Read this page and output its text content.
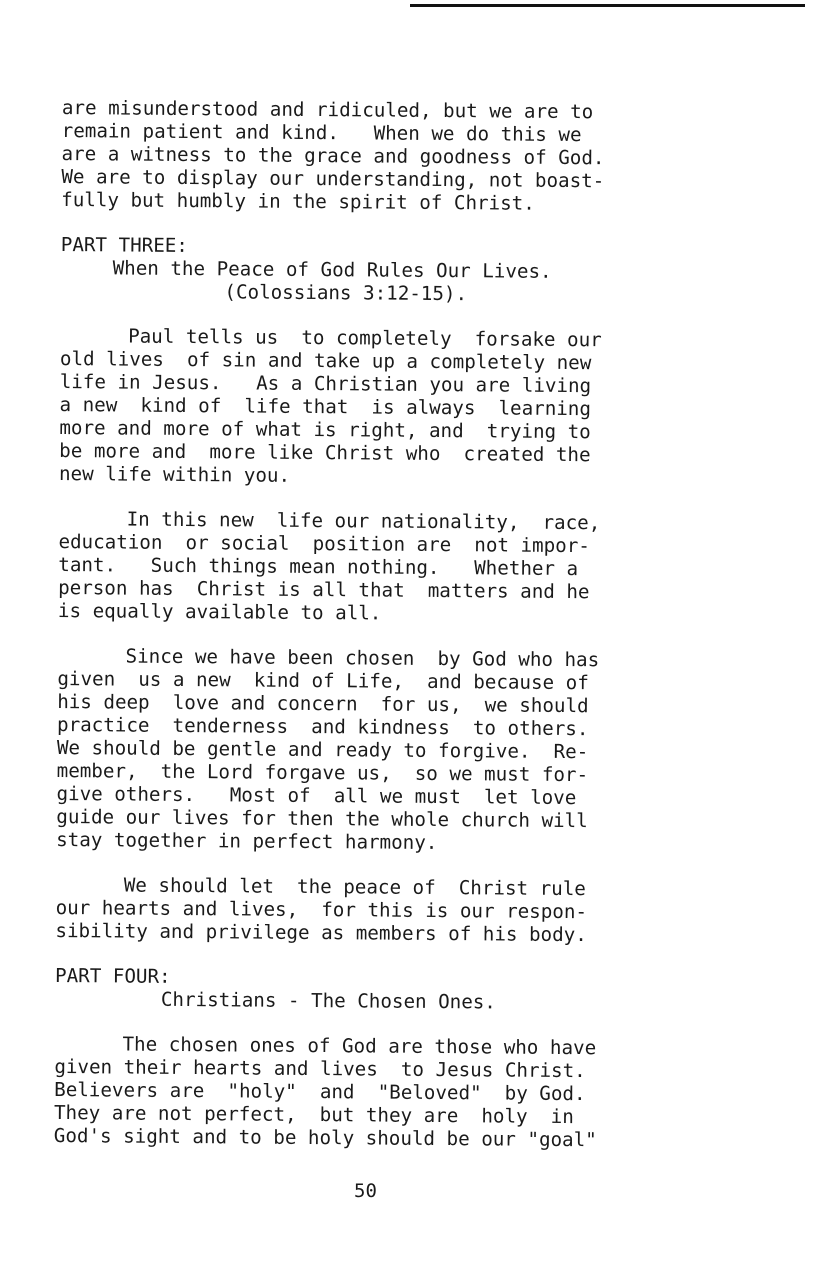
are misunderstood and ridiculed, but we are to
remain patient and kind.   When we do this we
are a witness to the grace and goodness of God.
We are to display our understanding, not boast-
fully but humbly in the spirit of Christ.
PART THREE:
When the Peace of God Rules Our Lives.
(Colossians 3:12-15).
Paul tells us  to completely  forsake our
old lives  of sin and take up a completely new
life in Jesus.   As a Christian you are living
a new  kind of  life that  is always  learning
more and more of what is right, and  trying to
be more and  more like Christ who  created the
new life within you.
In this new  life our nationality,  race,
education  or social  position are  not impor-
tant.   Such things mean nothing.   Whether a
person has  Christ is all that  matters and he
is equally available to all.
Since we have been chosen  by God who has
given  us a new  kind of Life,  and because of
his deep  love and concern  for us,  we should
practice  tenderness  and kindness  to others.
We should be gentle and ready to forgive.  Re-
member,  the Lord forgave us,  so we must for-
give others.   Most of  all we must  let love
guide our lives for then the whole church will
stay together in perfect harmony.
We should let  the peace of  Christ rule
our hearts and lives,  for this is our respon-
sibility and privilege as members of his body.
PART FOUR:
Christians - The Chosen Ones.
The chosen ones of God are those who have
given their hearts and lives  to Jesus Christ.
Believers are  "holy"  and  "Beloved"  by God.
They are not perfect,  but they are  holy  in
God's sight and to be holy should be our "goal"
50
